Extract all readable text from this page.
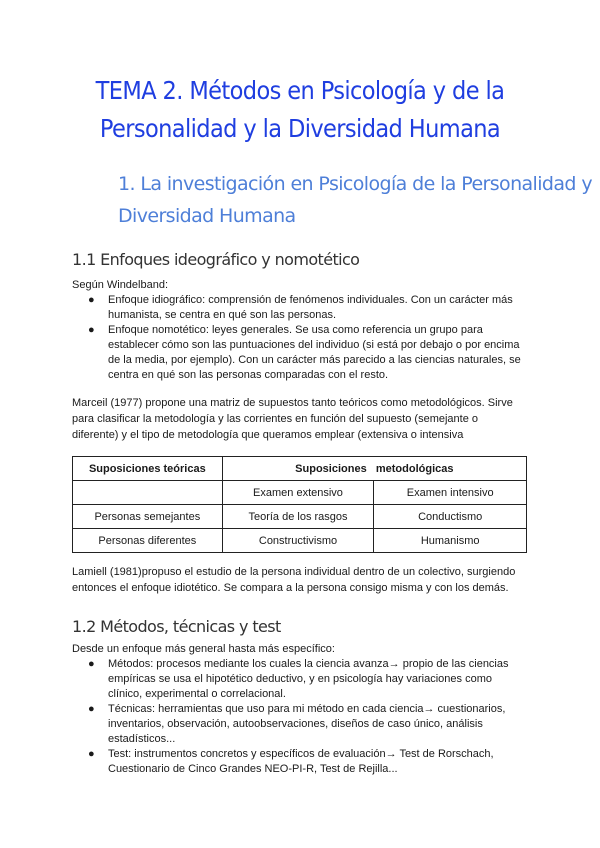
TEMA 2. Métodos en Psicología y de la
Personalidad y la Diversidad Humana
1. La investigación en Psicología de la Personalidad y
Diversidad Humana
1.1 Enfoques ideográfico y nomotético
Según Windelband:
● Enfoque idiográfico: comprensión de fenómenos individuales. Con un carácter más
humanista, se centra en qué son las personas.
● Enfoque nomotético: leyes generales. Se usa como referencia un grupo para
establecer cómo son las puntuaciones del individuo (si está por debajo o por encima
de la media, por ejemplo). Con un carácter más parecido a las ciencias naturales, se
centra en qué son las personas comparadas con el resto.
Marceil (1977) propone una matriz de supuestos tanto teóricos como metodológicos. Sirve
para clasificar la metodología y las corrientes en función del supuesto (semejante o
diferente) y el tipo de metodología que queramos emplear (extensiva o intensiva
Suposiciones teóricas	Suposiciones   metodológicas	
	Examen extensivo	Examen intensivo
Personas semejantes	Teoría de los rasgos	Conductismo
Personas diferentes	Constructivismo	Humanismo
Lamiell (1981)propuso el estudio de la persona individual dentro de un colectivo, surgiendo
entonces el enfoque idiotético. Se compara a la persona consigo misma y con los demás.
1.2 Métodos, técnicas y test
Desde un enfoque más general hasta más específico:
● Métodos: procesos mediante los cuales la ciencia avanza→ propio de las ciencias
empíricas se usa el hipotético deductivo, y en psicología hay variaciones como
clínico, experimental o correlacional.
● Técnicas: herramientas que uso para mi método en cada ciencia→ cuestionarios,
inventarios, observación, autoobservaciones, diseños de caso único, análisis
estadísticos...
● Test: instrumentos concretos y específicos de evaluación→ Test de Rorschach,
Cuestionario de Cinco Grandes NEO-PI-R, Test de Rejilla...
